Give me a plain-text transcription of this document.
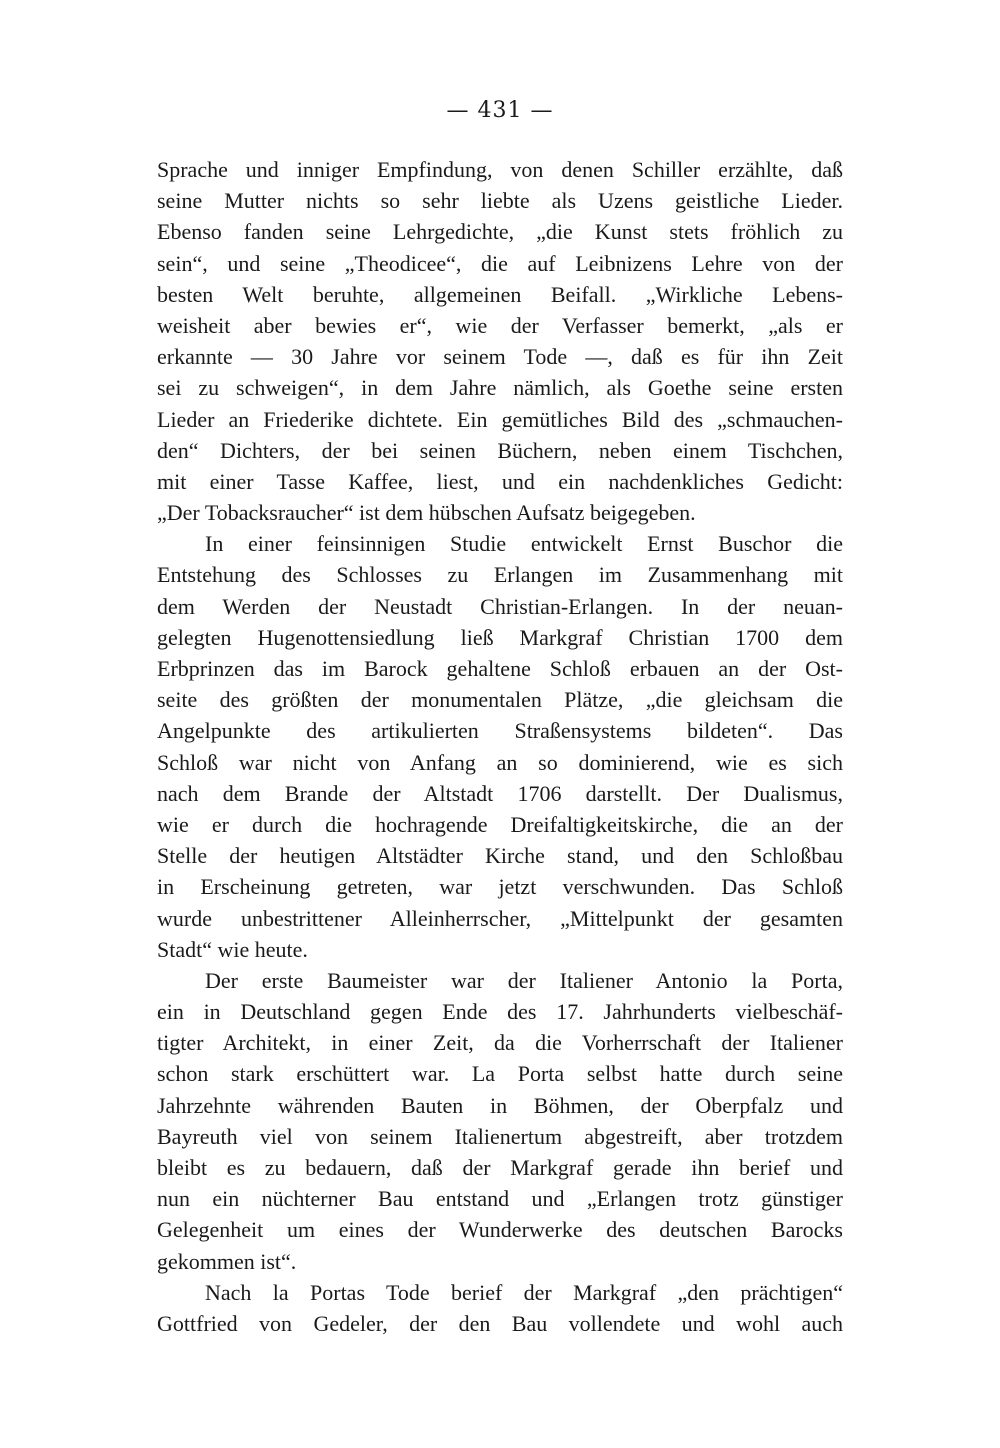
— 431 —
Sprache und inniger Empfindung, von denen Schiller erzählte, daß
seine Mutter nichts so sehr liebte als Uzens geistliche Lieder.
Ebenso fanden seine Lehrgedichte, „die Kunst stets fröhlich zu
sein“, und seine „Theodicee“, die auf Leibnizens Lehre von der
besten Welt beruhte, allgemeinen Beifall. „Wirkliche Lebens-
weisheit aber bewies er“, wie der Verfasser bemerkt, „als er
erkannte — 30 Jahre vor seinem Tode —, daß es für ihn Zeit
sei zu schweigen“, in dem Jahre nämlich, als Goethe seine ersten
Lieder an Friederike dichtete. Ein gemütliches Bild des „schmauchen-
den“ Dichters, der bei seinen Büchern, neben einem Tischchen,
mit einer Tasse Kaffee, liest, und ein nachdenkliches Gedicht:
„Der Tobacksraucher“ ist dem hübschen Aufsatz beigegeben.
In einer feinsinnigen Studie entwickelt Ernst Buschor die
Entstehung des Schlosses zu Erlangen im Zusammenhang mit
dem Werden der Neustadt Christian-Erlangen. In der neuan-
gelegten Hugenottensiedlung ließ Markgraf Christian 1700 dem
Erbprinzen das im Barock gehaltene Schloß erbauen an der Ost-
seite des größten der monumentalen Plätze, „die gleichsam die
Angelpunkte des artikulierten Straßensystems bildeten“. Das
Schloß war nicht von Anfang an so dominierend, wie es sich
nach dem Brande der Altstadt 1706 darstellt. Der Dualismus,
wie er durch die hochragende Dreifaltigkeitskirche, die an der
Stelle der heutigen Altstädter Kirche stand, und den Schloßbau
in Erscheinung getreten, war jetzt verschwunden. Das Schloß
wurde unbestrittener Alleinherrscher, „Mittelpunkt der gesamten
Stadt“ wie heute.
Der erste Baumeister war der Italiener Antonio la Porta,
ein in Deutschland gegen Ende des 17. Jahrhunderts vielbeschäf-
tigter Architekt, in einer Zeit, da die Vorherrschaft der Italiener
schon stark erschüttert war. La Porta selbst hatte durch seine
Jahrzehnte währenden Bauten in Böhmen, der Oberpfalz und
Bayreuth viel von seinem Italienertum abgestreift, aber trotzdem
bleibt es zu bedauern, daß der Markgraf gerade ihn berief und
nun ein nüchterner Bau entstand und „Erlangen trotz günstiger
Gelegenheit um eines der Wunderwerke des deutschen Barocks
gekommen ist“.
Nach la Portas Tode berief der Markgraf „den prächtigen“
Gottfried von Gedeler, der den Bau vollendete und wohl auch
